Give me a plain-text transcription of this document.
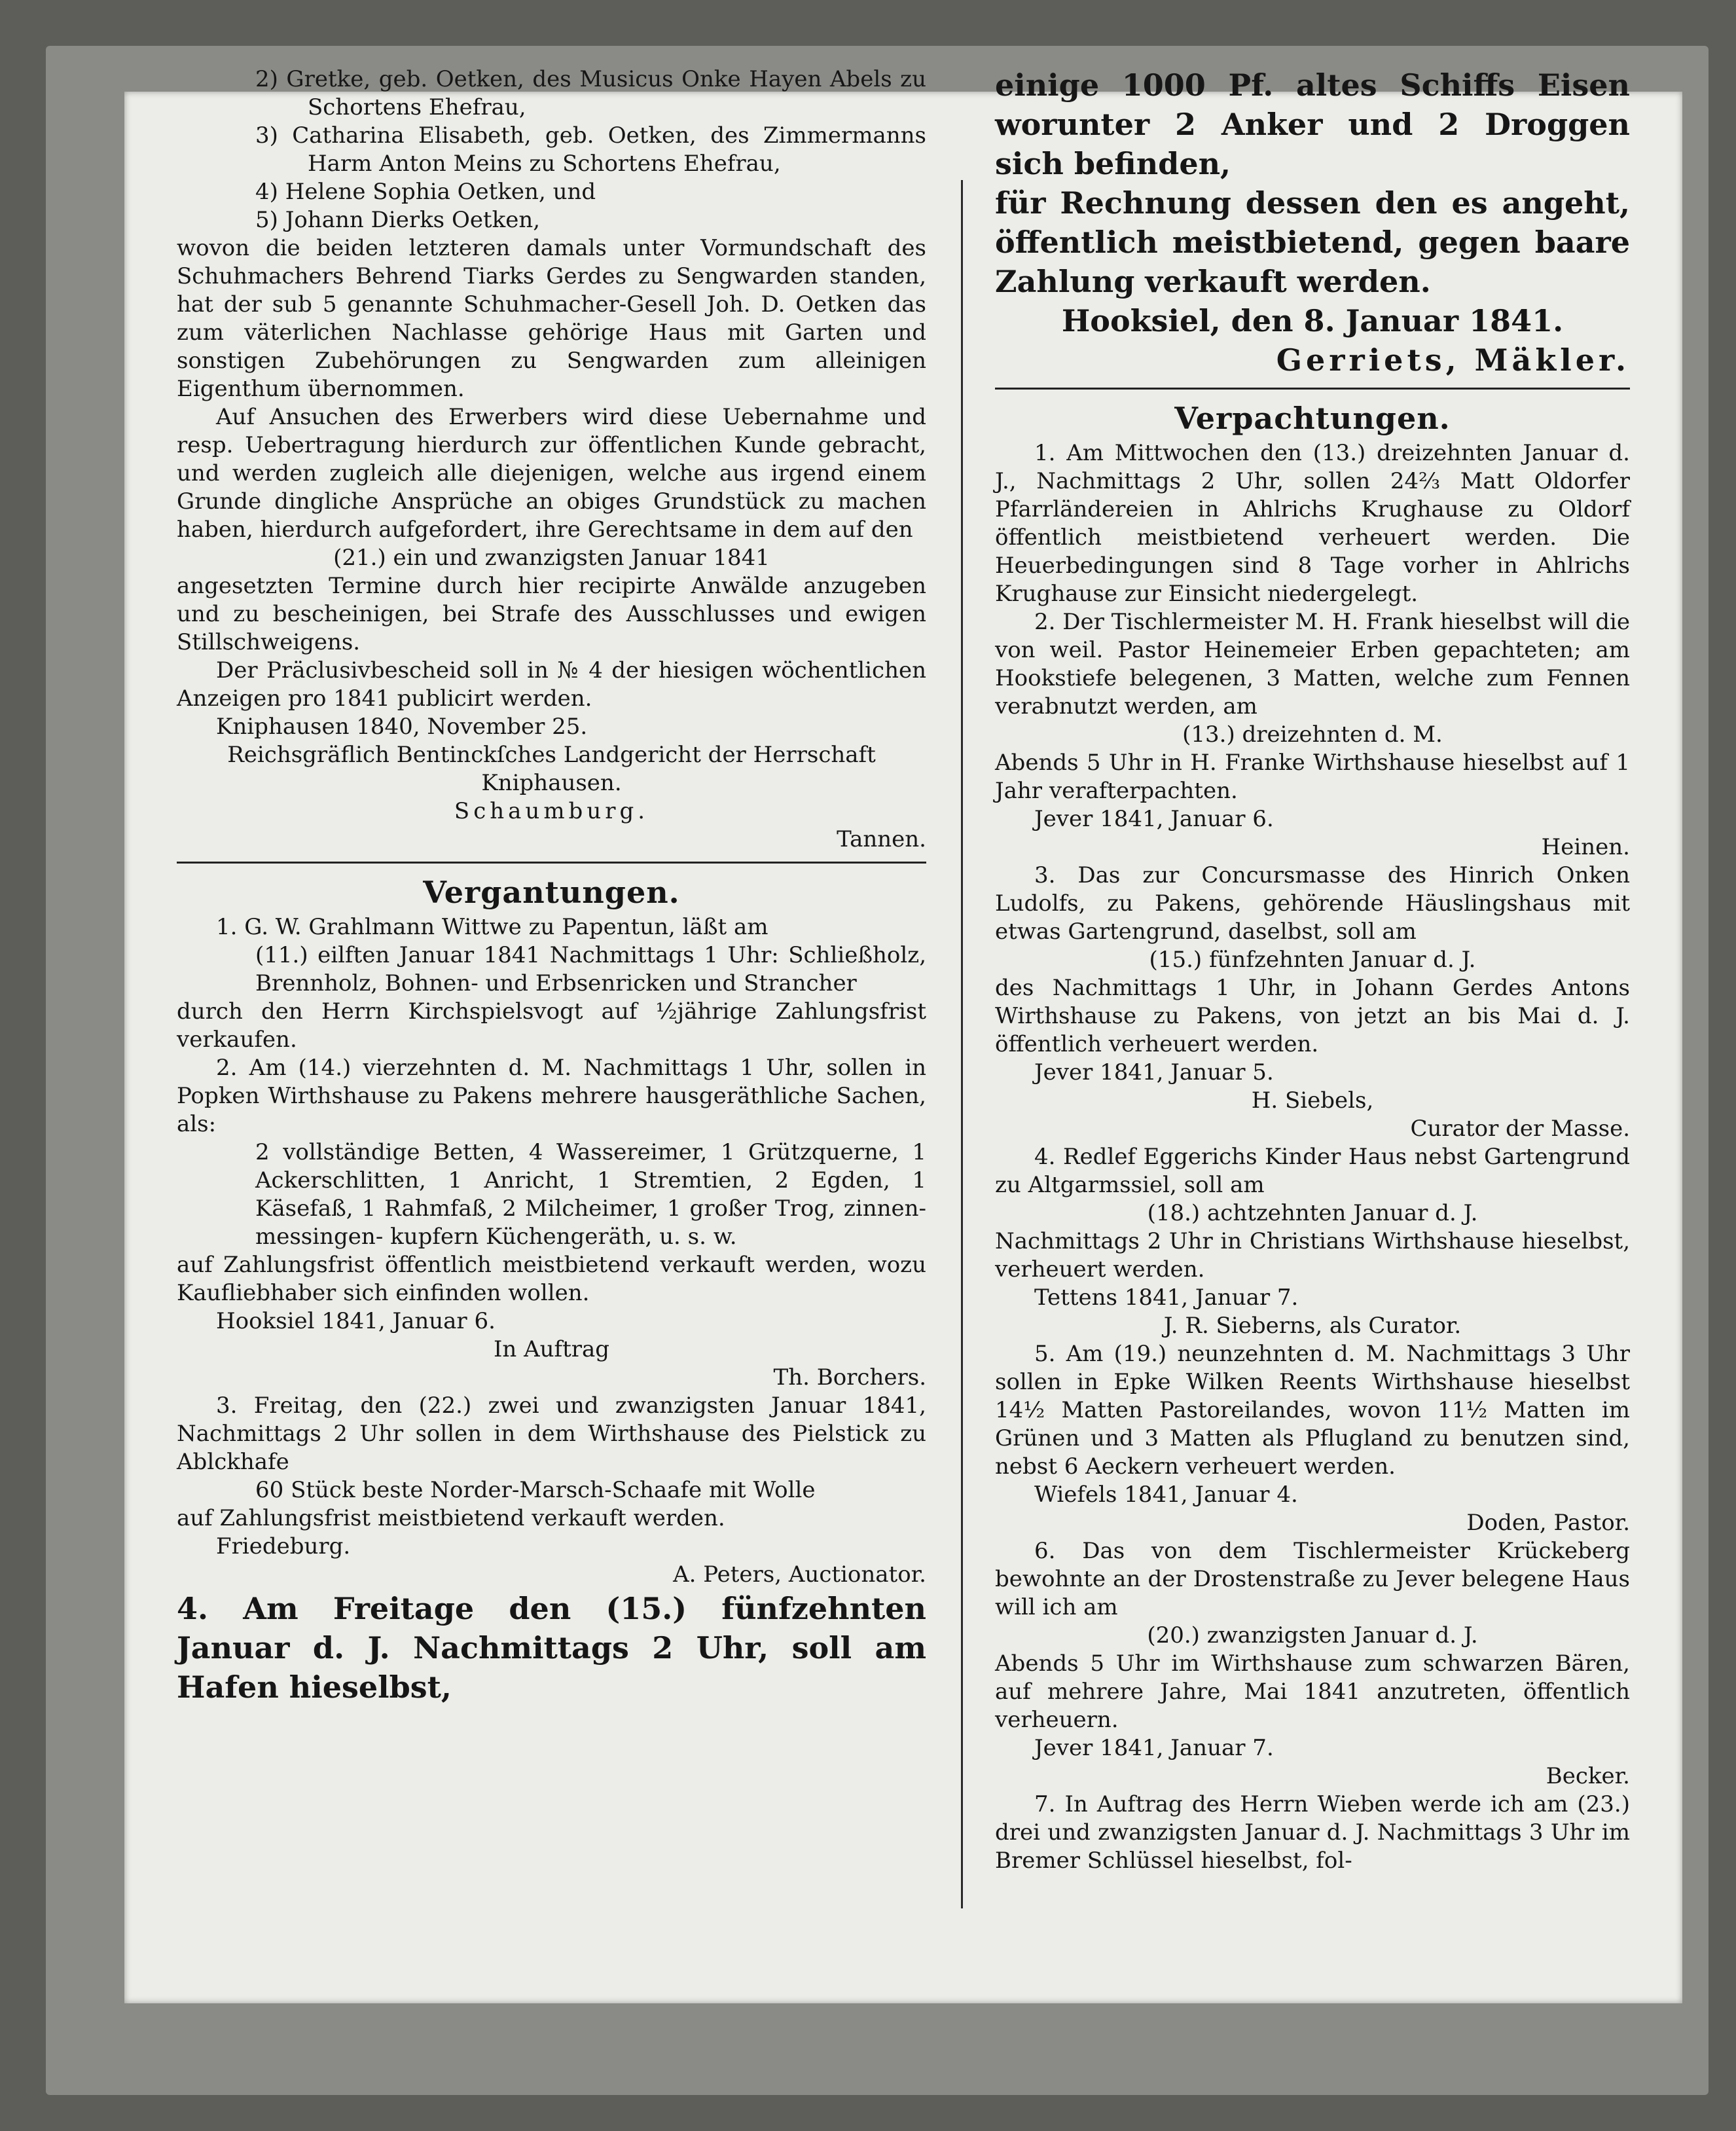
2) Gretke, geb. Oetken, des Musicus Onke Hayen Abels zu Schortens Ehefrau,

3) Catharina Elisabeth, geb. Oetken, des Zimmermanns Harm Anton Meins zu Schortens Ehefrau,

4) Helene Sophia Oetken, und

5) Johann Dierks Oetken,

wovon die beiden letzteren damals unter Vormundschaft des Schuhmachers Behrend Tiarks Gerdes zu Sengwarden standen, hat der sub 5 genannte Schuhmacher-Gesell Joh. D. Oetken das zum väterlichen Nachlasse gehörige Haus mit Garten und sonstigen Zubehörungen zu Sengwarden zum alleinigen Eigenthum übernommen.

Auf Ansuchen des Erwerbers wird diese Uebernahme und resp. Uebertragung hierdurch zur öffentlichen Kunde gebracht, und werden zugleich alle diejenigen, welche aus irgend einem Grunde dingliche Ansprüche an obiges Grundstück zu machen haben, hierdurch aufgefordert, ihre Gerechtsame in dem auf den

(21.) ein und zwanzigsten Januar 1841

angesetzten Termine durch hier recipirte Anwälde anzugeben und zu bescheinigen, bei Strafe des Ausschlusses und ewigen Stillschweigens.

Der Präclusivbescheid soll in № 4 der hiesigen wöchentlichen Anzeigen pro 1841 publicirt werden.

Kniphausen 1840, November 25.

Reichsgräflich Bentinckſches Landgericht der Herrschaft Kniphausen.

Schaumburg.

Tannen.

Vergantungen.

1. G. W. Grahlmann Wittwe zu Papentun, läßt am

(11.) eilften Januar 1841 Nachmittags 1 Uhr: Schließholz, Brennholz, Bohnen- und Erbsenricken und Strancher

durch den Herrn Kirchspielsvogt auf ½jährige Zahlungsfrist verkaufen.

2. Am (14.) vierzehnten d. M. Nachmittags 1 Uhr, sollen in Popken Wirthshause zu Pakens mehrere hausgeräthliche Sachen, als:

2 vollständige Betten, 4 Wassereimer, 1 Grützquerne, 1 Ackerschlitten, 1 Anricht, 1 Stremtien, 2 Egden, 1 Käsefaß, 1 Rahmfaß, 2 Milcheimer, 1 großer Trog, zinnen- messingen- kupfern Küchengeräth, u. s. w.

auf Zahlungsfrist öffentlich meistbietend verkauft werden, wozu Kaufliebhaber sich einfinden wollen.

Hooksiel 1841, Januar 6.

In Auftrag

Th. Borchers.

3. Freitag, den (22.) zwei und zwanzigsten Januar 1841, Nachmittags 2 Uhr sollen in dem Wirthshause des Pielstick zu Ablckhafe

60 Stück beste Norder-Marsch-Schaafe mit Wolle

auf Zahlungsfrist meistbietend verkauft werden.

Friedeburg.

A. Peters, Auctionator.

4. Am Freitage den (15.) fünfzehnten Januar d. J. Nachmittags 2 Uhr, soll am Hafen hieselbst,

einige 1000 Pf. altes Schiffs Eisen worunter 2 Anker und 2 Droggen sich befinden,

für Rechnung dessen den es angeht, öffentlich meistbietend, gegen baare Zahlung verkauft werden.

Hooksiel, den 8. Januar 1841.

Gerriets, Mäkler.

Verpachtungen.

1. Am Mittwochen den (13.) dreizehnten Januar d. J., Nachmittags 2 Uhr, sollen 24⅔ Matt Oldorfer Pfarrländereien in Ahlrichs Krughause zu Oldorf öffentlich meistbietend verheuert werden. Die Heuerbedingungen sind 8 Tage vorher in Ahlrichs Krughause zur Einsicht niedergelegt.

2. Der Tischlermeister M. H. Frank hieselbst will die von weil. Pastor Heinemeier Erben gepachteten; am Hookstiefe belegenen, 3 Matten, welche zum Fennen verabnutzt werden, am

(13.) dreizehnten d. M.

Abends 5 Uhr in H. Franke Wirthshause hieselbst auf 1 Jahr verafterpachten.

Jever 1841, Januar 6.

Heinen.

3. Das zur Concursmasse des Hinrich Onken Ludolfs, zu Pakens, gehörende Häuslingshaus mit etwas Gartengrund, daselbst, soll am

(15.) fünfzehnten Januar d. J.

des Nachmittags 1 Uhr, in Johann Gerdes Antons Wirthshause zu Pakens, von jetzt an bis Mai d. J. öffentlich verheuert werden.

Jever 1841, Januar 5.

H. Siebels,

Curator der Masse.

4. Redlef Eggerichs Kinder Haus nebst Gartengrund zu Altgarmssiel, soll am

(18.) achtzehnten Januar d. J.

Nachmittags 2 Uhr in Christians Wirthshause hieselbst, verheuert werden.

Tettens 1841, Januar 7.

J. R. Sieberns, als Curator.

5. Am (19.) neunzehnten d. M. Nachmittags 3 Uhr sollen in Epke Wilken Reents Wirthshause hieselbst 14½ Matten Pastoreilandes, wovon 11½ Matten im Grünen und 3 Matten als Pflugland zu benutzen sind, nebst 6 Aeckern verheuert werden.

Wiefels 1841, Januar 4.

Doden, Pastor.

6. Das von dem Tischlermeister Krückeberg bewohnte an der Drostenstraße zu Jever belegene Haus will ich am

(20.) zwanzigsten Januar d. J.

Abends 5 Uhr im Wirthshause zum schwarzen Bären, auf mehrere Jahre, Mai 1841 anzutreten, öffentlich verheuern.

Jever 1841, Januar 7.

Becker.

7. In Auftrag des Herrn Wieben werde ich am (23.) drei und zwanzigsten Januar d. J. Nachmittags 3 Uhr im Bremer Schlüssel hieselbst, fol-
